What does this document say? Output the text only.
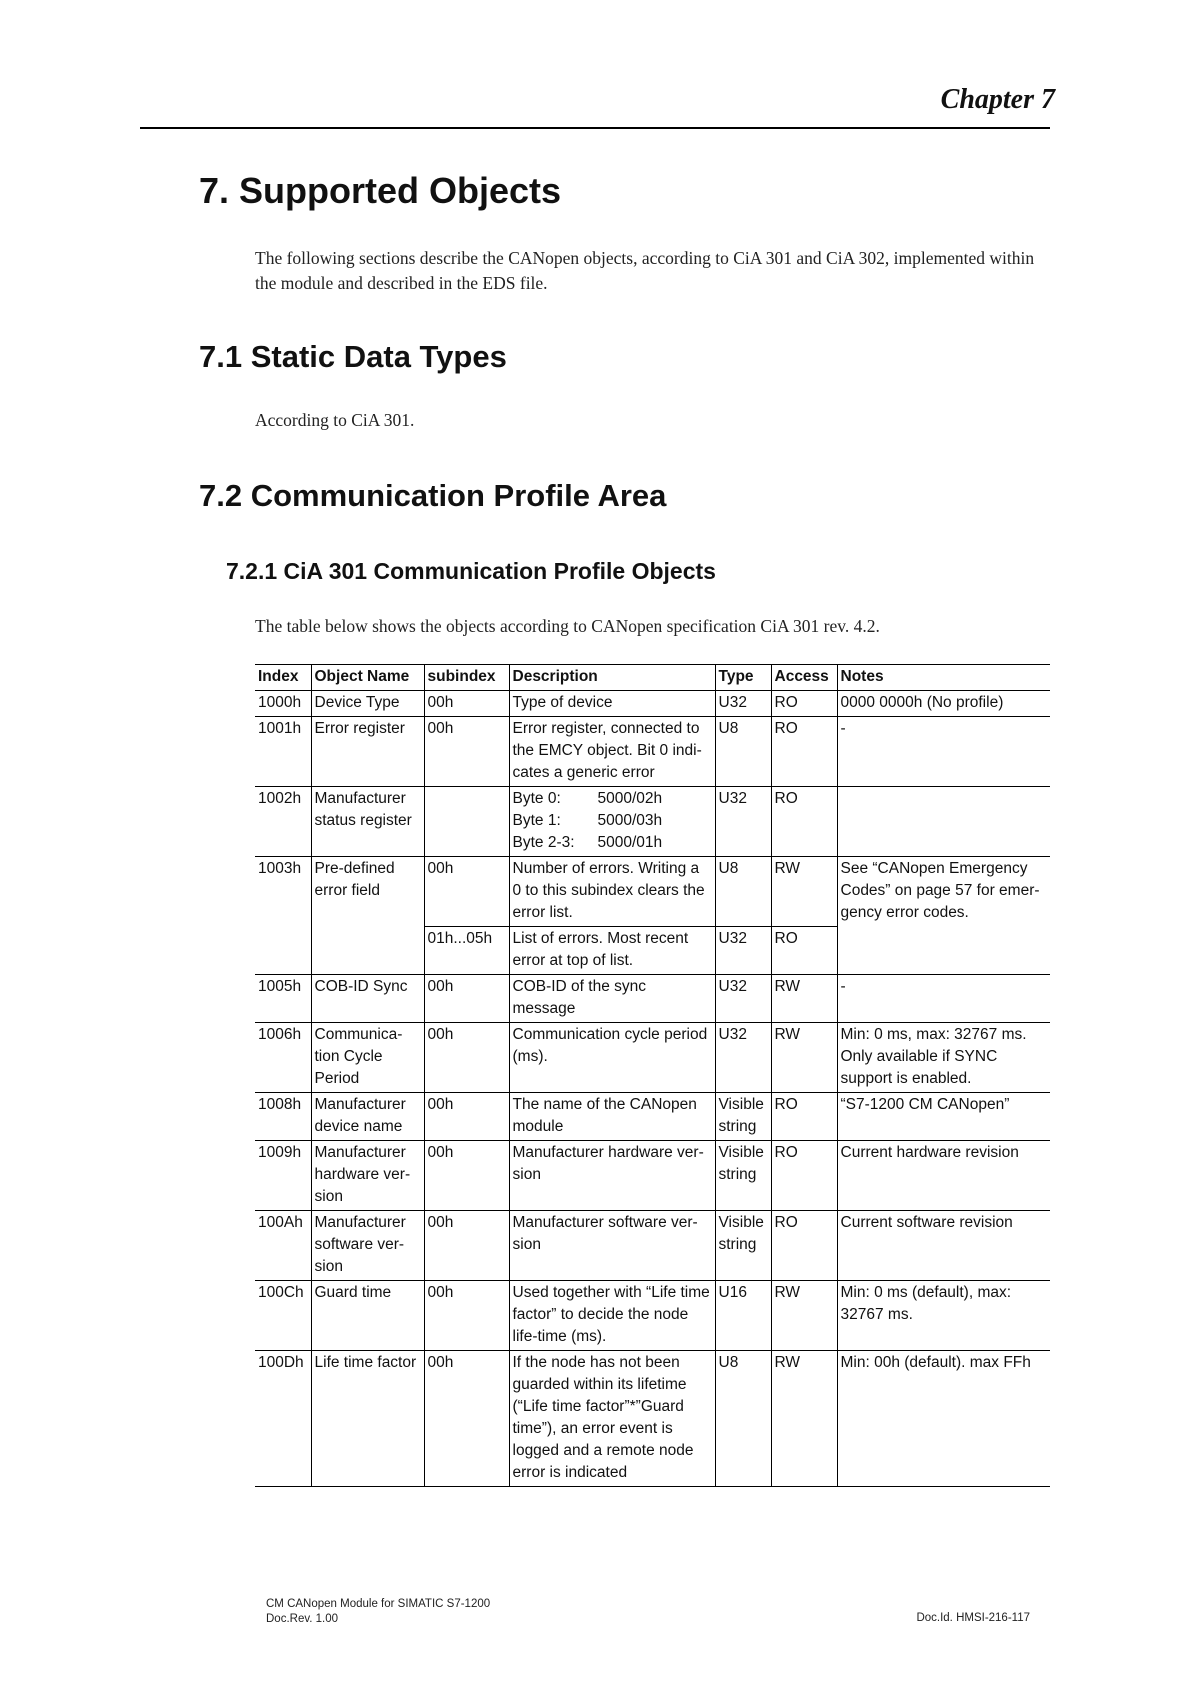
Chapter 7
7. Supported Objects

The following sections describe the CANopen objects, according to CiA 301 and CiA 302, implemented within the module and described in the EDS file.

7.1 Static Data Types

According to CiA 301.

7.2 Communication Profile Area
7.2.1 CiA 301 Communication Profile Objects

The table below shows the objects according to CANopen specification CiA 301 rev. 4.2.

Index	Object Name	subindex	Description	Type	Access	Notes
1000h	Device Type	00h	Type of device	U32	RO	0000 0000h (No profile)
1001h	Error register	00h	Error register, connected to the EMCY object. Bit 0 indi-cates a generic error	U8	RO	-
1002h	Manufacturer status register		Byte 0: 5000/02h
Byte 1: 5000/03h
Byte 2-3: 5000/01h	U32	RO	
1003h	Pre-defined error field	00h	Number of errors. Writing a 0 to this subindex clears the error list.	U8	RW	See “CANopen Emergency Codes” on page 57 for emer-gency error codes.
		01h...05h	List of errors. Most recent error at top of list.	U32	RO	
1005h	COB-ID Sync	00h	COB-ID of the sync message	U32	RW	-
1006h	Communica-tion Cycle Period	00h	Communication cycle period (ms).	U32	RW	Min: 0 ms, max: 32767 ms. Only available if SYNC support is enabled.
1008h	Manufacturer device name	00h	The name of the CANopen module	Visible string	RO	“S7-1200 CM CANopen”
1009h	Manufacturer hardware ver-sion	00h	Manufacturer hardware ver-sion	Visible string	RO	Current hardware revision
100Ah	Manufacturer software ver-sion	00h	Manufacturer software ver-sion	Visible string	RO	Current software revision
100Ch	Guard time	00h	Used together with “Life time factor” to decide the node life-time (ms).	U16	RW	Min: 0 ms (default), max: 32767 ms.
100Dh	Life time factor	00h	If the node has not been guarded within its lifetime (“Life time factor”*”Guard time”), an error event is logged and a remote node error is indicated	U8	RW	Min: 00h (default). max FFh
CM CANopen Module for SIMATIC S7-1200
Doc.Rev. 1.00	Doc.Id. HMSI-216-117
